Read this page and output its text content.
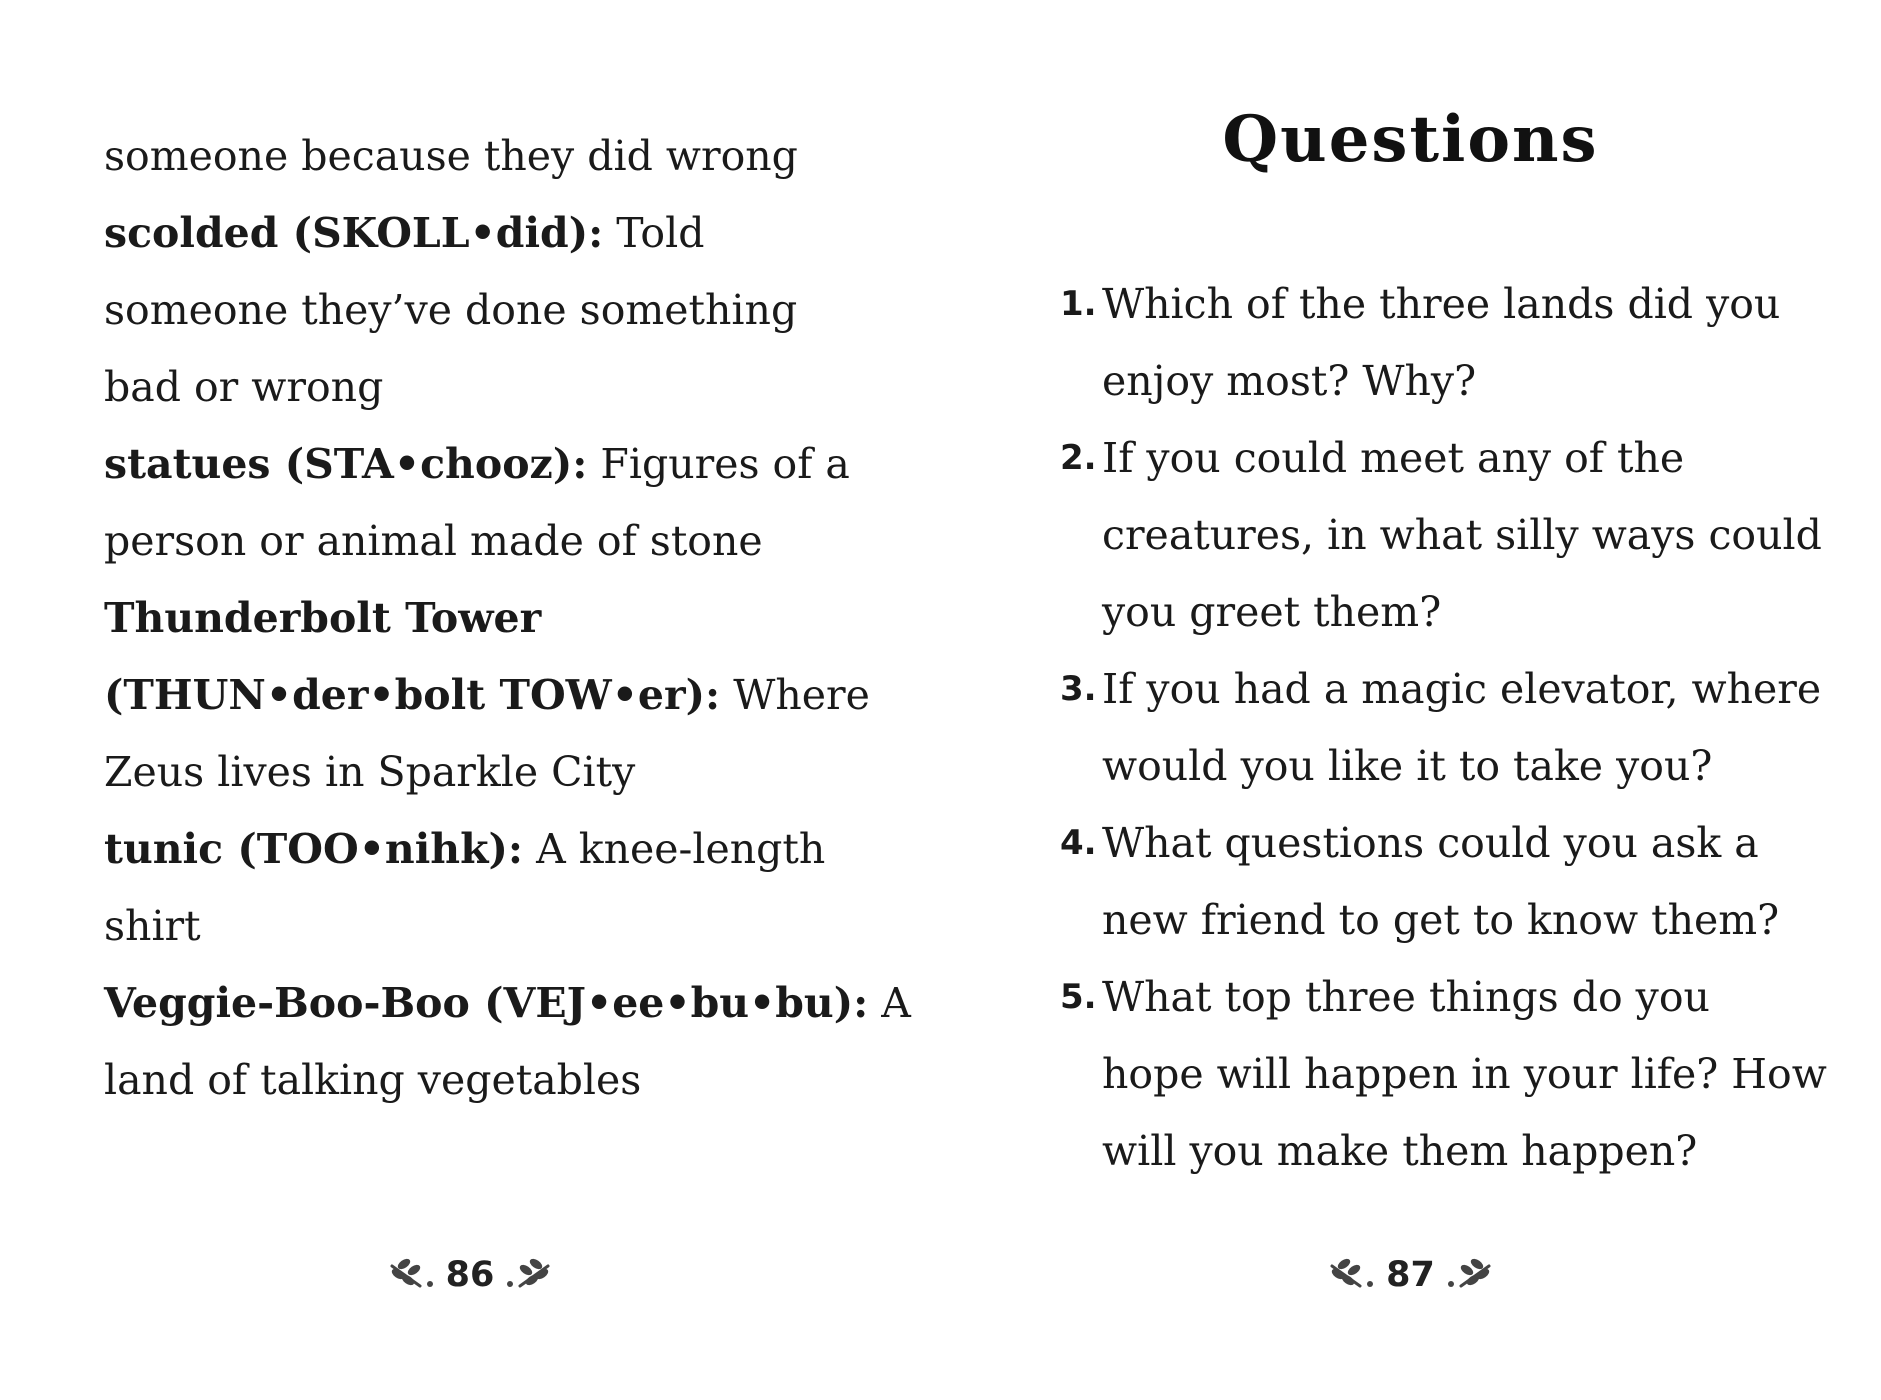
someone because they did wrong
scolded (SKOLL•did): Told
someone they’ve done something
bad or wrong
statues (STA•chooz): Figures of a
person or animal made of stone
Thunderbolt Tower
(THUN•der•bolt TOW•er): Where
Zeus lives in Sparkle City
tunic (TOO•nihk): A knee-length
shirt
Veggie-Boo-Boo (VEJ•ee•bu•bu): A
land of talking vegetables
86
Questions
1. Which of the three lands did you
enjoy most? Why?
2. If you could meet any of the
creatures, in what silly ways could
you greet them?
3. If you had a magic elevator, where
would you like it to take you?
4. What questions could you ask a
new friend to get to know them?
5. What top three things do you
hope will happen in your life? How
will you make them happen?
87
